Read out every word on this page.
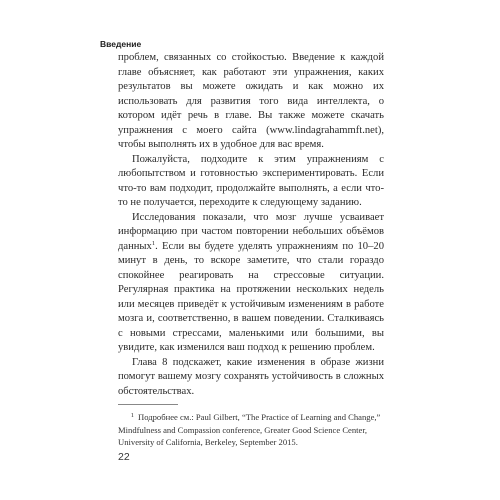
Введение

проблем, связанных со стойкостью. Введение к каждой главе объясняет, как работают эти упражнения, каких результатов вы можете ожидать и как можно их использовать для развития того вида интеллекта, о котором идёт речь в главе. Вы также можете скачать упражнения с моего сайта (www.lindagrahammft.net), чтобы выполнять их в удобное для вас время.

Пожалуйста, подходите к этим упражнениям с любопытством и готовностью экспериментировать. Если что-то вам подходит, продолжайте выполнять, а если что-то не получается, переходите к следующему заданию.

Исследования показали, что мозг лучше усваивает информацию при частом повторении небольших объёмов данных$^1$. Если вы будете уделять упражнениям по 10–20 минут в день, то вскоре заметите, что стали гораздо спокойнее реагировать на стрессовые ситуации. Регулярная практика на протяжении нескольких недель или месяцев приведёт к устойчивым изменениям в работе мозга и, соответственно, в вашем поведении. Сталкиваясь с новыми стрессами, маленькими или большими, вы увидите, как изменился ваш подход к решению проблем.

Глава 8 подскажет, какие изменения в образе жизни помогут вашему мозгу сохранять устойчивость в сложных обстоятельствах.

1 Подробнее см.: Paul Gilbert, “The Practice of Learning and Change,” Mindfulness and Compassion conference, Greater Good Science Center, University of California, Berkeley, September 2015.
22
